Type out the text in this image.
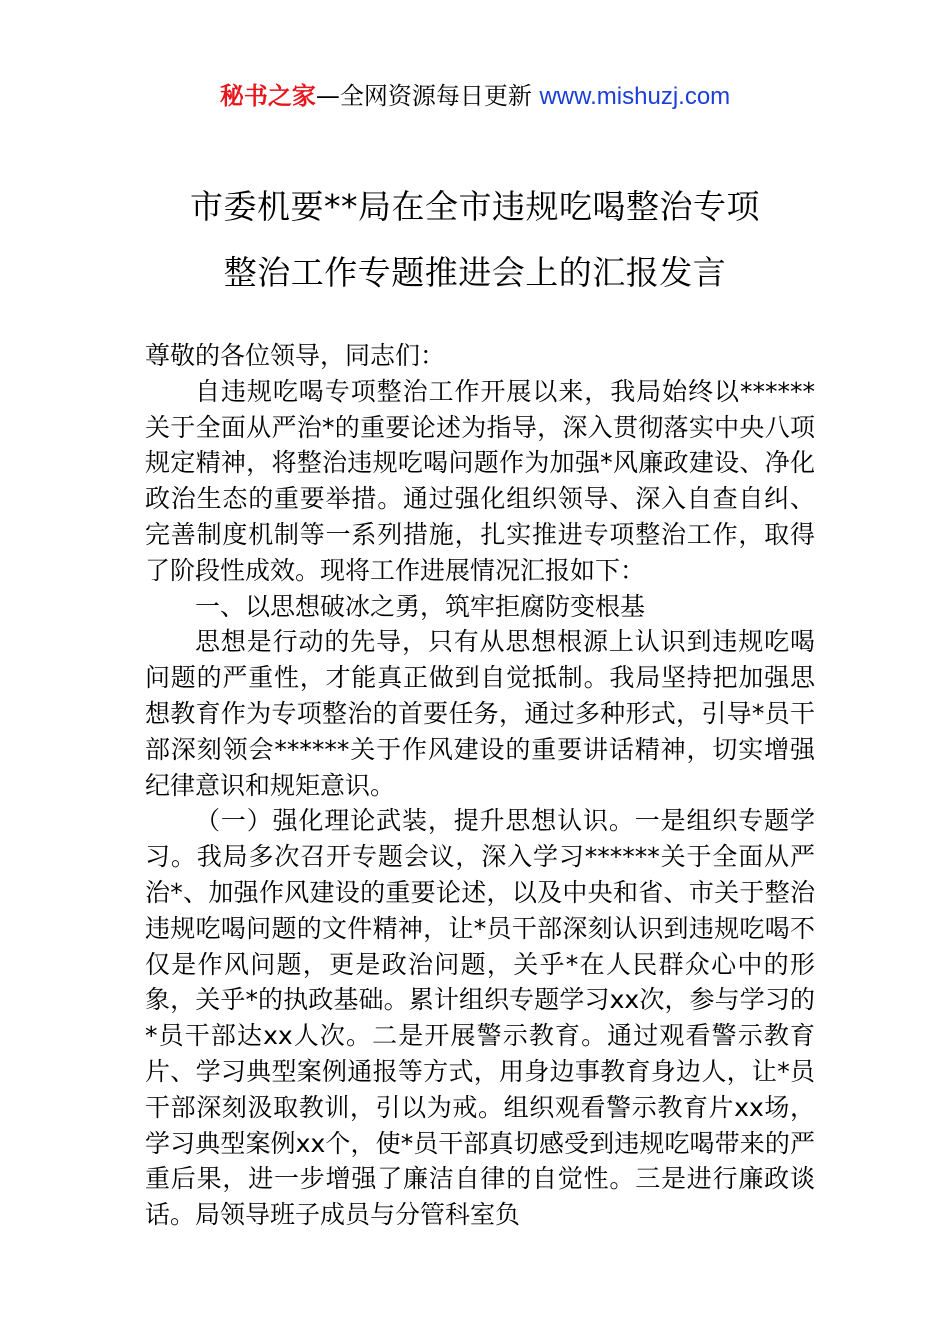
秘书之家—全网资源每日更新 www.mishuzj.com
市委机要**局在全市违规吃喝整治专项
整治工作专题推进会上的汇报发言

尊敬的各位领导，同志们：

自违规吃喝专项整治工作开展以来，我局始终以******关于全面从严治*的重要论述为指导，深入贯彻落实中央八项规定精神，将整治违规吃喝问题作为加强*风廉政建设、净化政治生态的重要举措。通过强化组织领导、深入自查自纠、完善制度机制等一系列措施，扎实推进专项整治工作，取得了阶段性成效。现将工作进展情况汇报如下：

一、以思想破冰之勇，筑牢拒腐防变根基

思想是行动的先导，只有从思想根源上认识到违规吃喝问题的严重性，才能真正做到自觉抵制。我局坚持把加强思想教育作为专项整治的首要任务，通过多种形式，引导*员干部深刻领会******关于作风建设的重要讲话精神，切实增强纪律意识和规矩意识。

（一）强化理论武装，提升思想认识。一是组织专题学习。我局多次召开专题会议，深入学习******关于全面从严治*、加强作风建设的重要论述，以及中央和省、市关于整治违规吃喝问题的文件精神，让*员干部深刻认识到违规吃喝不仅是作风问题，更是政治问题，关乎*在人民群众心中的形象，关乎*的执政基础。累计组织专题学习xx次，参与学习的*员干部达xx人次。二是开展警示教育。通过观看警示教育片、学习典型案例通报等方式，用身边事教育身边人，让*员干部深刻汲取教训，引以为戒。组织观看警示教育片xx场，学习典型案例xx个，使*员干部真切感受到违规吃喝带来的严重后果，进一步增强了廉洁自律的自觉性。三是进行廉政谈话。局领导班子成员与分管科室负
